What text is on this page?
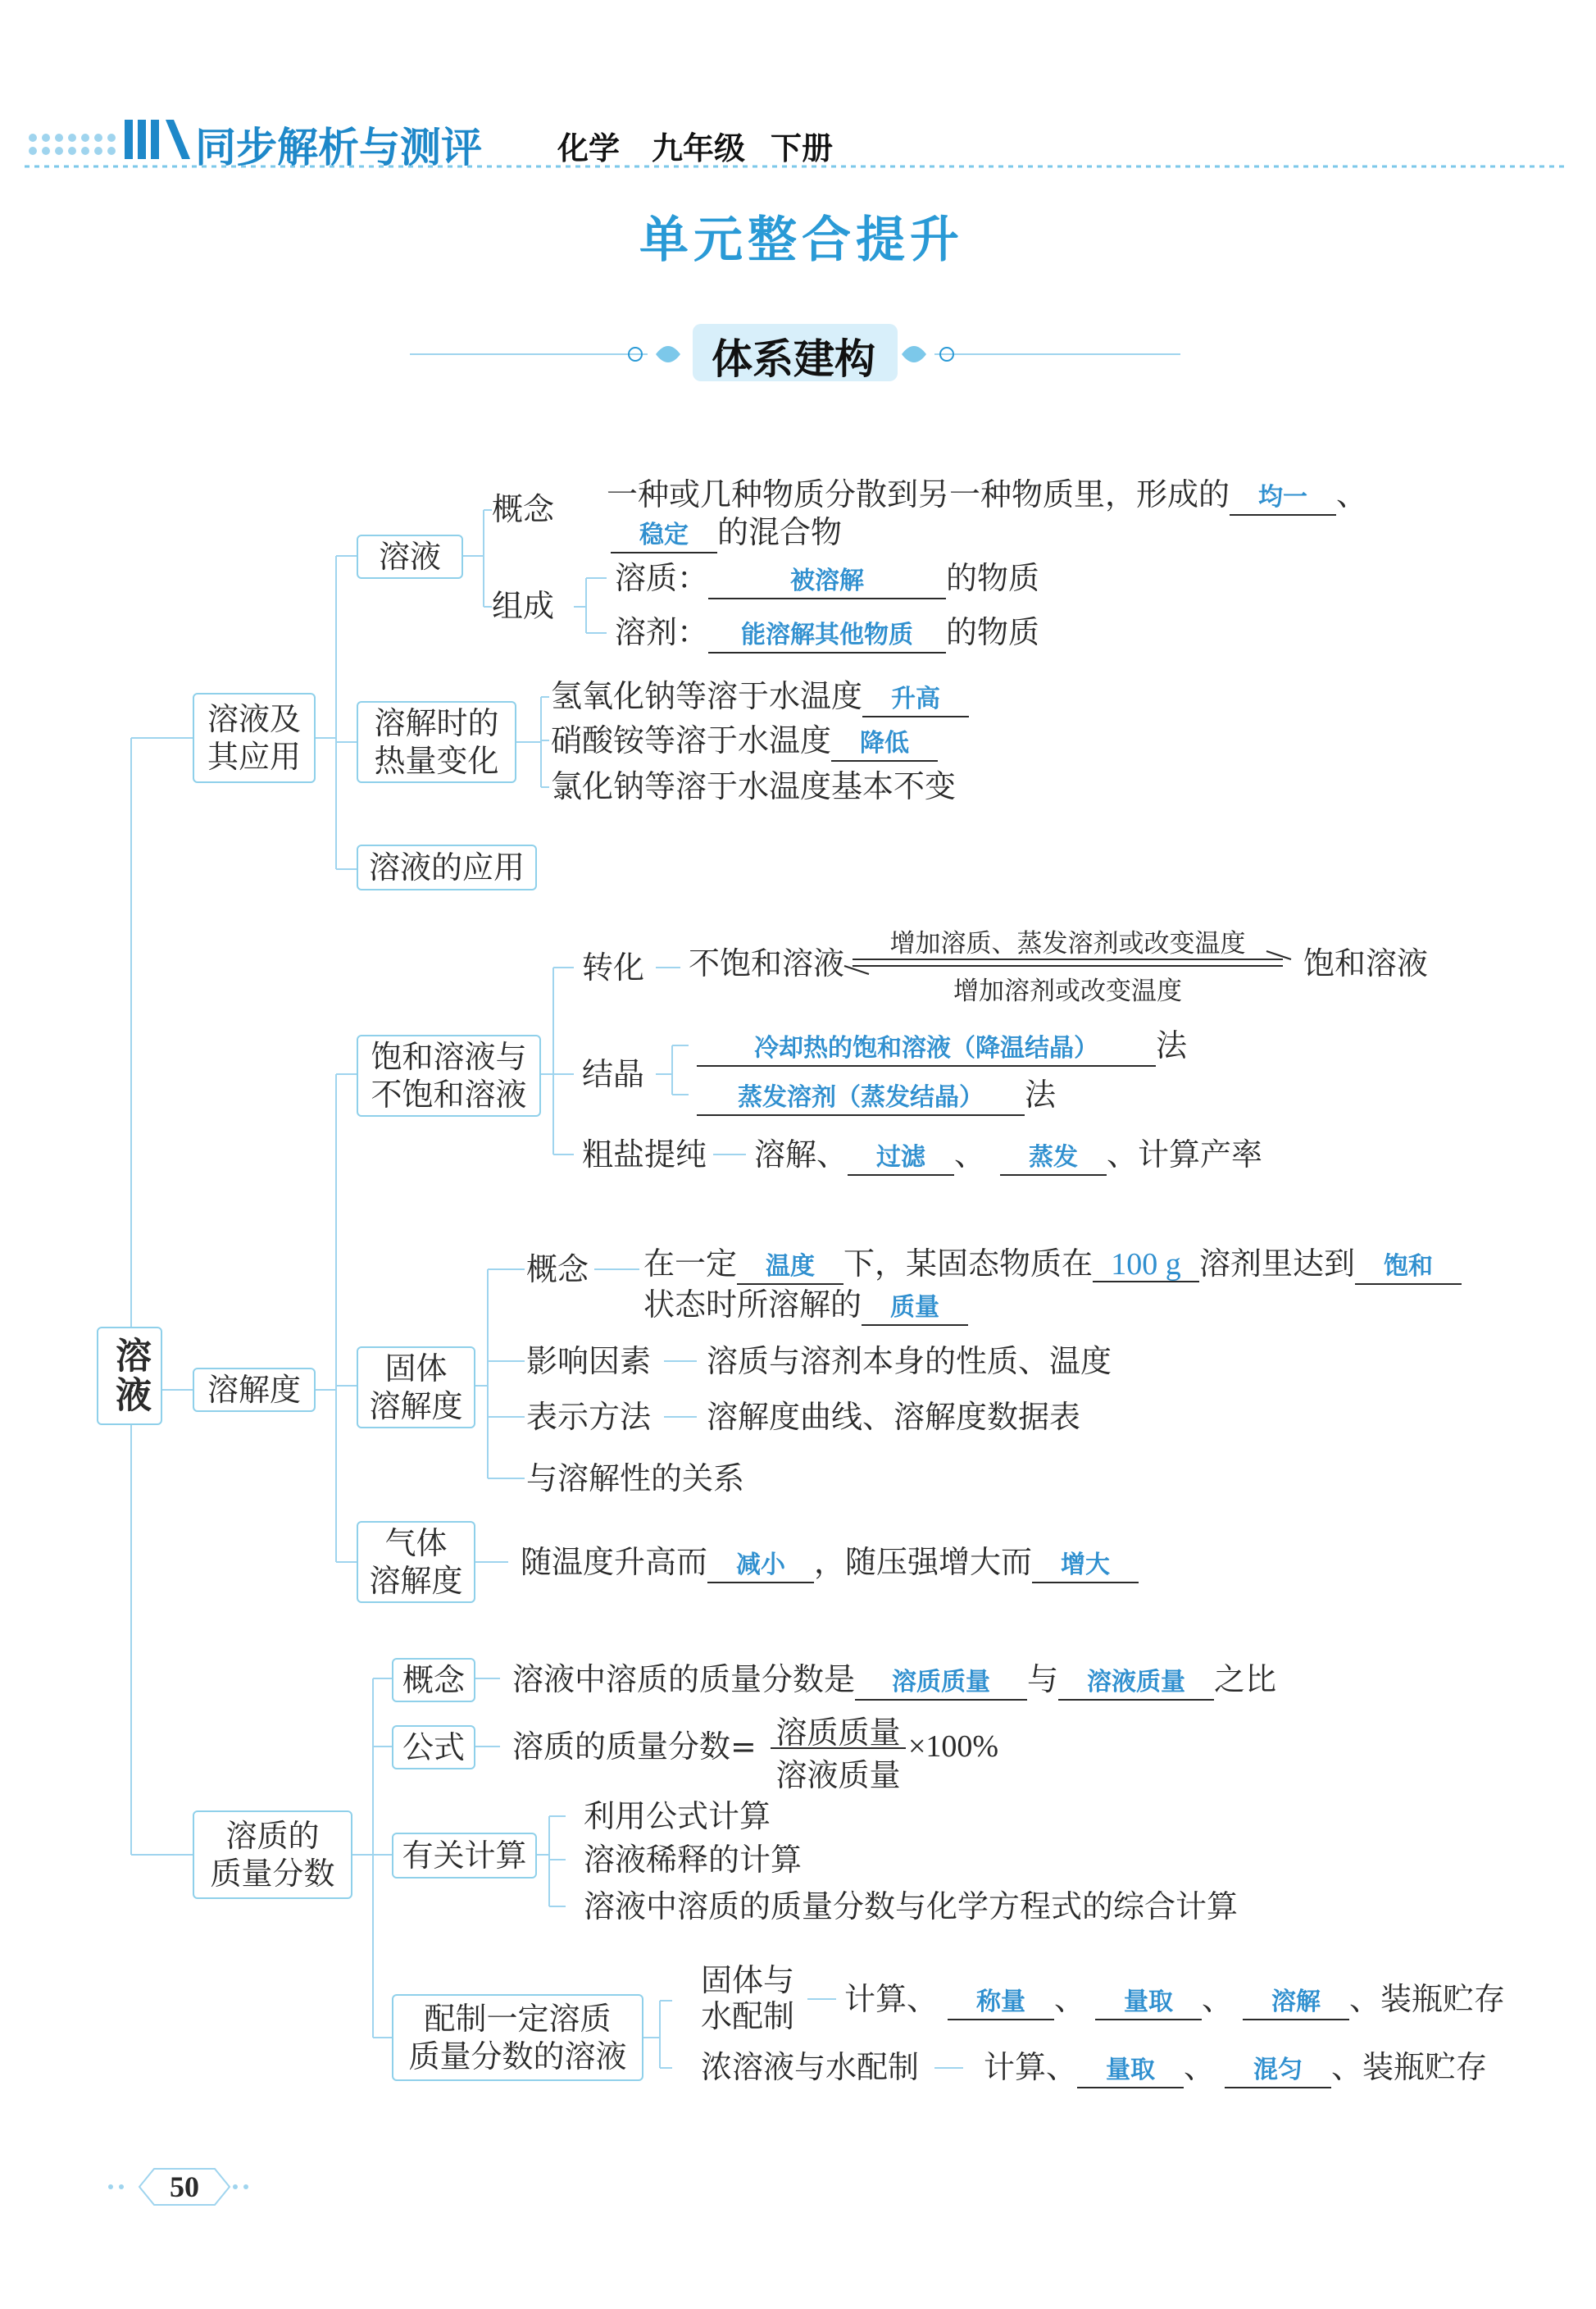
同步解析与测评 化学 九年级 下册
单元整合提升
体系建构
溶液
溶液及
其应用
溶液
概念 一种或几种物质分散到另一种物质里，形成的 均一 、
稳定 的混合物
组成
溶质：	被溶解	的物质
溶剂： 能溶解其他物质 的物质
溶解时的
热量变化
氢氧化钠等溶于水温度 升高
硝酸铵等溶于水温度 降低
氯化钠等溶于水温度基本不变
溶液的应用
溶解度
饱和溶液与
不饱和溶液
转化 不饱和溶液
增加溶质、蒸发溶剂或改变温度
增加溶剂或改变温度
饱和溶液
结晶
冷却热的饱和溶液（降温结晶） 法
蒸发溶剂（蒸发结晶） 法
粗盐提纯 溶解、 过滤 、 蒸发 、计算产率
固体
溶解度
概念 在一定 温度 下，某固态物质在 100 g 溶剂里达到 饱和
状态时所溶解的 质量
影响因素 溶质与溶剂本身的性质、温度
表示方法 溶解度曲线、溶解度数据表
与溶解性的关系
气体
溶解度
随温度升高而 减小 ，随压强增大而 增大
溶质的
质量分数
概念 溶液中溶质的质量分数是 溶质质量 与 溶液质量 之比
公式 溶质的质量分数= 溶质质量
溶液质量
×100%
有关计算
利用公式计算
溶液稀释的计算
溶液中溶质的质量分数与化学方程式的综合计算
配制一定溶质
质量分数的溶液
固体与
水配制 计算、 称量 、 量取 、 溶解 、装瓶贮存
浓溶液与水配制 计算、 量取 、 混匀 、装瓶贮存
50
